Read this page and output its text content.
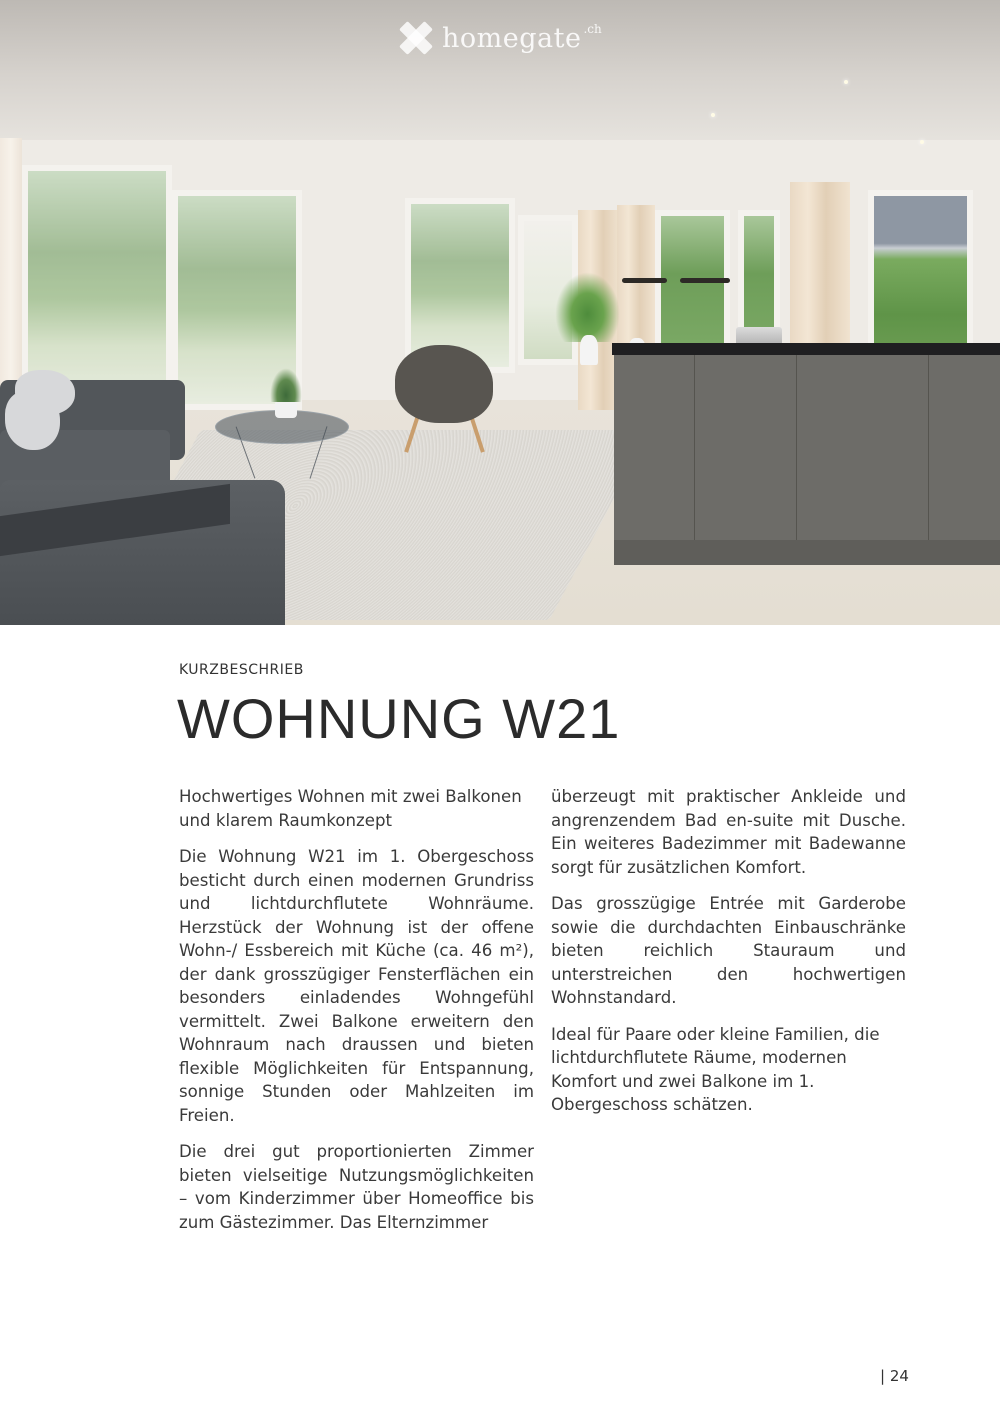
homegate .ch
KURZBESCHRIEB
WOHNUNG W21

Hochwertiges Wohnen mit zwei Balkonen und klarem Raumkonzept

Die Wohnung W21 im 1. Obergeschoss besticht durch einen modernen Grundriss und lichtdurchflutete Wohnräume. Herzstück der Wohnung ist der offene Wohn-/ Essbereich mit Küche (ca. 46 m²), der dank grosszügiger Fensterflächen ein besonders einladendes Wohngefühl vermittelt. Zwei Balkone erweitern den Wohnraum nach draussen und bieten flexible Möglichkeiten für Entspannung, sonnige Stunden oder Mahlzeiten im Freien.

Die drei gut proportionierten Zimmer bieten vielseitige Nutzungsmöglichkeiten – vom Kinderzimmer über Homeoffice bis zum Gästezimmer. Das Elternzimmer

überzeugt mit praktischer Ankleide und angrenzendem Bad en-suite mit Dusche. Ein weiteres Badezimmer mit Badewanne sorgt für zusätzlichen Komfort.

Das grosszügige Entrée mit Garderobe sowie die durchdachten Einbauschränke bieten reichlich Stauraum und unterstreichen den hochwertigen Wohnstandard.

Ideal für Paare oder kleine Familien, die lichtdurchflutete Räume, modernen Komfort und zwei Balkone im 1. Obergeschoss schätzen.

| 24
